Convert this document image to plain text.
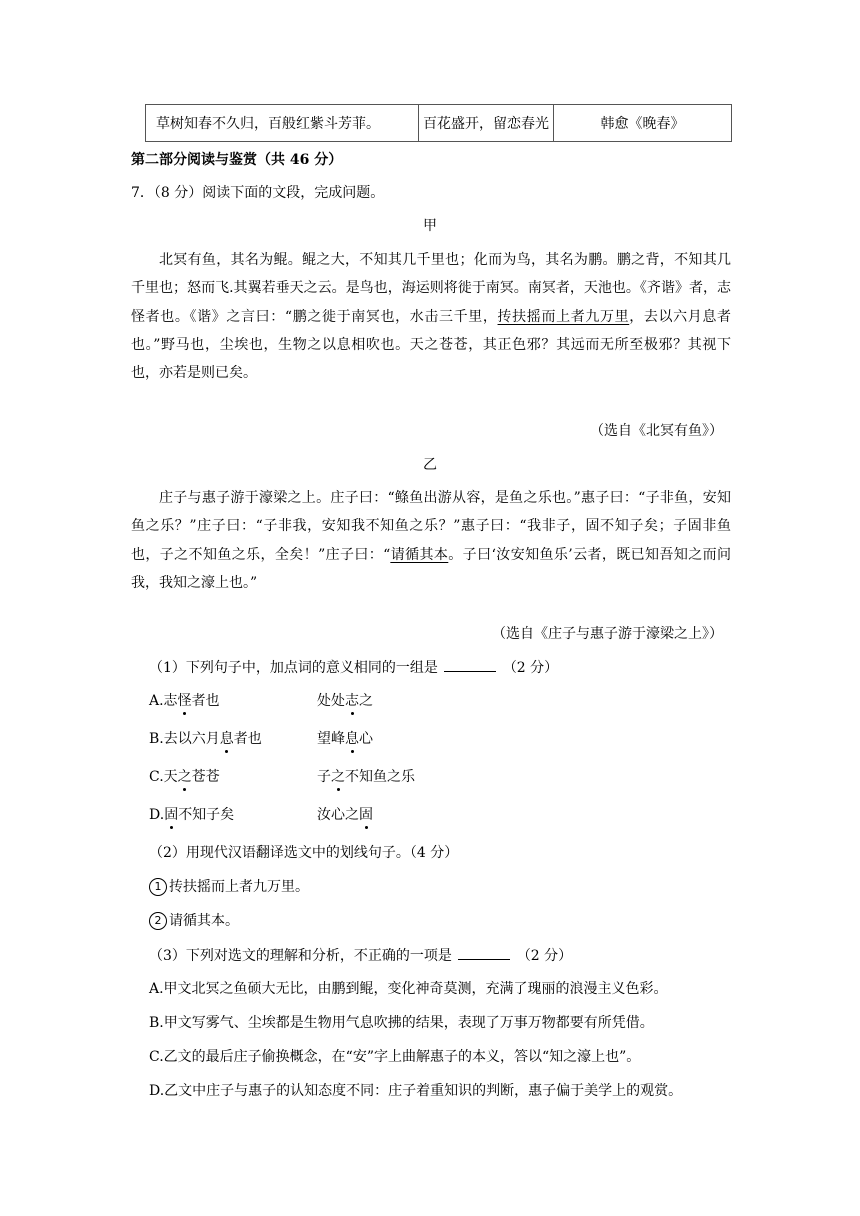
草树知春不久归，百般红紫斗芳菲。	百花盛开，留恋春光	韩愈《晚春》
第二部分阅读与鉴赏（共 46 分）
7．（8 分）阅读下面的文段，完成问题。
甲

北冥有鱼，其名为鲲。鲲之大，不知其几千里也；化而为鸟，其名为鹏。鹏之背，不知其几千里也；怒而飞.其翼若垂天之云。是鸟也，海运则将徙于南冥。南冥者，天池也。《齐谐》者，志怪者也。《谐》之言曰：“鹏之徙于南冥也，水击三千里，抟扶摇而上者九万里，去以六月息者也。”野马也，尘埃也，生物之以息相吹也。天之苍苍，其正色邪？其远而无所至极邪？其视下也，亦若是则已矣。

（选自《北冥有鱼》）
乙

庄子与惠子游于濠梁之上。庄子曰：“鲦鱼出游从容，是鱼之乐也。”惠子曰：“子非鱼，安知鱼之乐？”庄子曰：“子非我，安知我不知鱼之乐？”惠子曰：“我非子，固不知子矣；子固非鱼也，子之不知鱼之乐，全矣！”庄子曰：“请循其本。子曰‘汝安知鱼乐’云者，既已知吾知之而问我，我知之濠上也。”

（选自《庄子与惠子游于濠梁之上》）
（1）下列句子中，加点词的意义相同的一组是	（2 分）
A.志怪者也	处处志之
B.去以六月息者也	望峰息心
C.天之苍苍	子之不知鱼之乐
D.固不知子矣	汝心之固
（2）用现代汉语翻译选文中的划线句子。（4 分）
1 抟扶摇而上者九万里。
2 请循其本。
（3）下列对选文的理解和分析，不正确的一项是	（2 分）
A.甲文北冥之鱼硕大无比，由鹏到鲲，变化神奇莫测，充满了瑰丽的浪漫主义色彩。
B.甲文写雾气、尘埃都是生物用气息吹拂的结果，表现了万事万物都要有所凭借。
C.乙文的最后庄子偷换概念，在“安”字上曲解惠子的本义，答以“知之濠上也”。
D.乙文中庄子与惠子的认知态度不同：庄子着重知识的判断，惠子偏于美学上的观赏。
